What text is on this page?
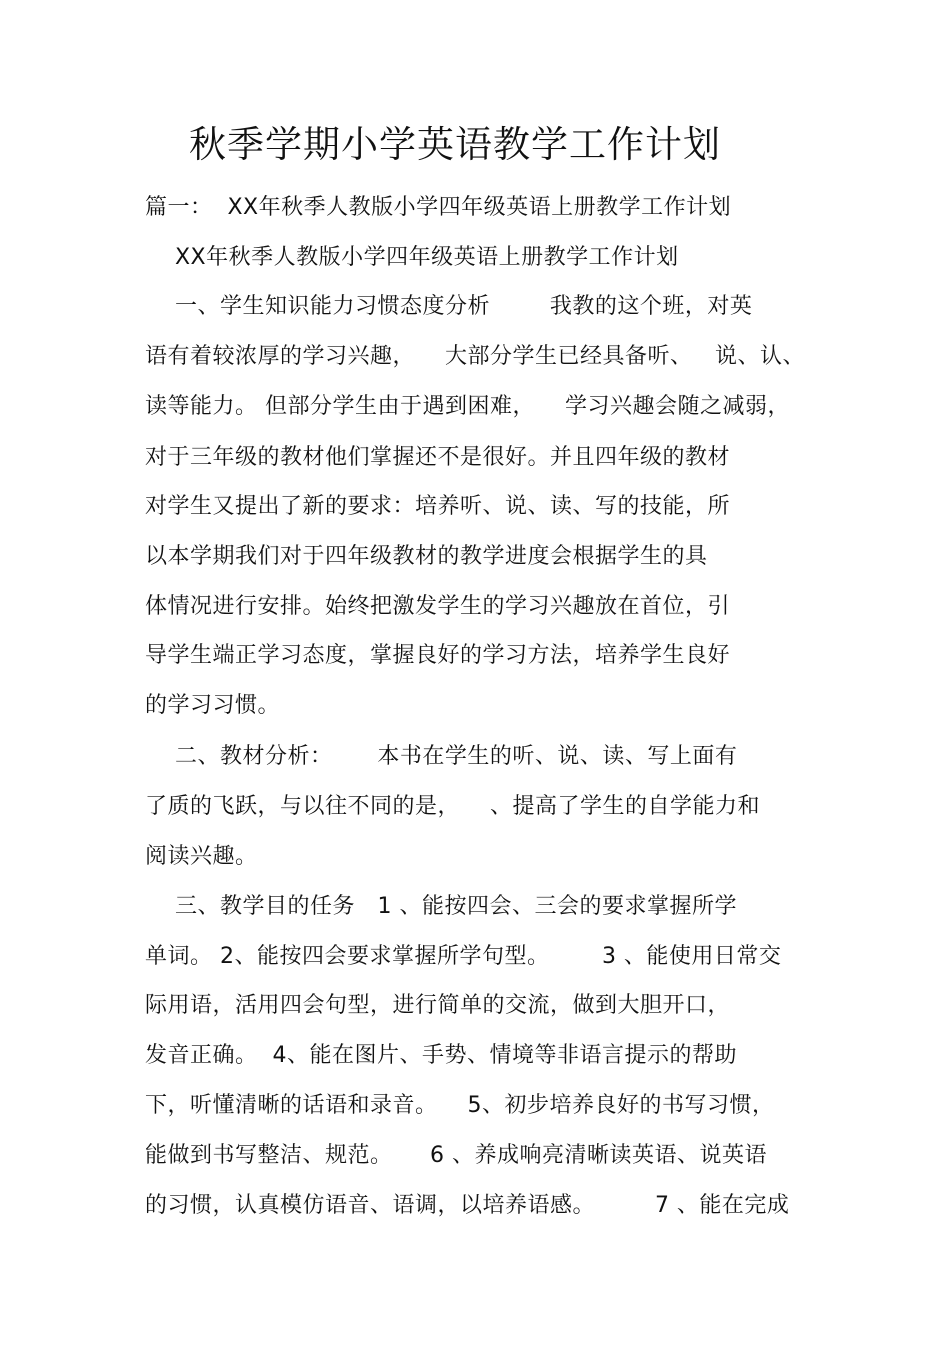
秋季学期小学英语教学工作计划
篇一：  XX年秋季人教版小学四年级英语上册教学工作计划
XX年秋季人教版小学四年级英语上册教学工作计划
一、学生知识能力习惯态度分析        我教的这个班，对英
语有着较浓厚的学习兴趣，    大部分学生已经具备听、   说、认、
读等能力。 但部分学生由于遇到困难，    学习兴趣会随之减弱，
对于三年级的教材他们掌握还不是很好。并且四年级的教材
对学生又提出了新的要求：培养听、说、读、写的技能，所
以本学期我们对于四年级教材的教学进度会根据学生的具
体情况进行安排。始终把激发学生的学习兴趣放在首位，引
导学生端正学习态度，掌握良好的学习方法，培养学生良好
的学习习惯。
二、教材分析：      本书在学生的听、说、读、写上面有
了质的飞跃，与以往不同的是，    、提高了学生的自学能力和
阅读兴趣。
三、教学目的任务   1 、能按四会、三会的要求掌握所学
单词。 2、能按四会要求掌握所学句型。       3 、能使用日常交
际用语，活用四会句型，进行简单的交流，做到大胆开口，
发音正确。  4、能在图片、手势、情境等非语言提示的帮助
下，听懂清晰的话语和录音。    5、初步培养良好的书写习惯，
能做到书写整洁、规范。     6 、养成响亮清晰读英语、说英语
的习惯，认真模仿语音、语调，以培养语感。        7 、能在完成
